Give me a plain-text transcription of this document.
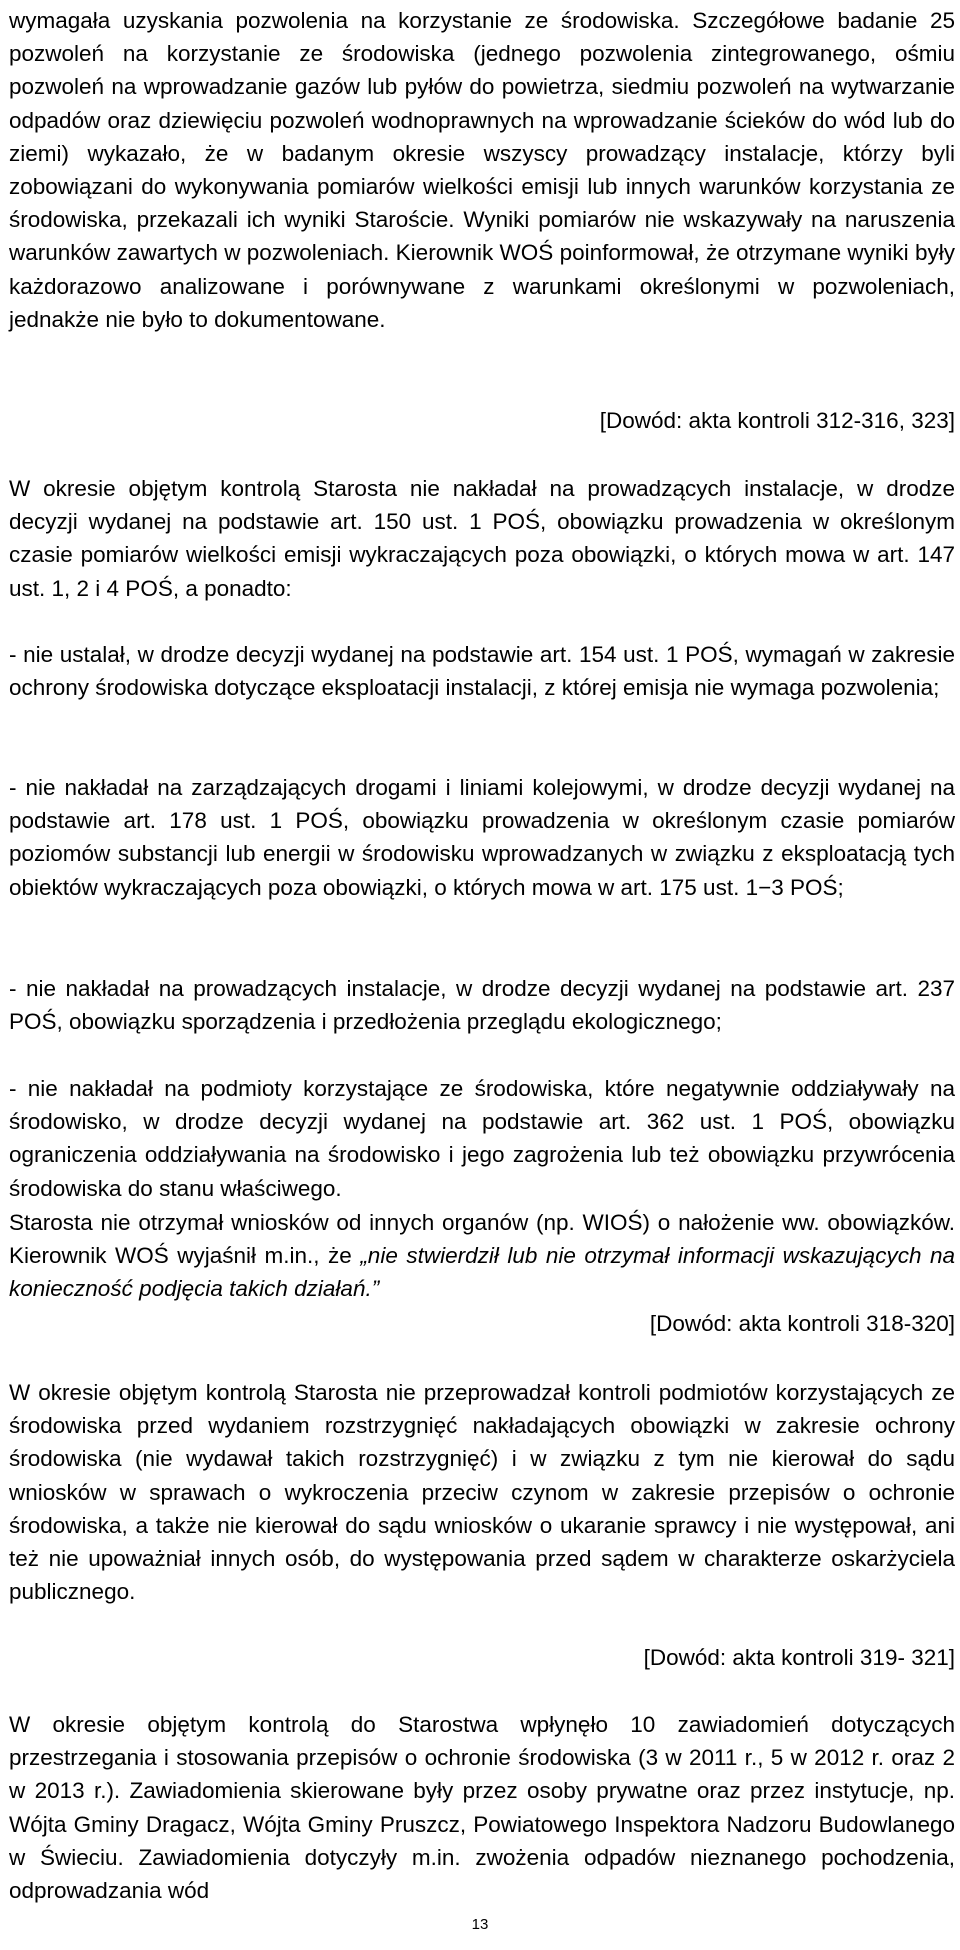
wymagała uzyskania pozwolenia na korzystanie ze środowiska. Szczegółowe badanie 25 pozwoleń na korzystanie ze środowiska (jednego pozwolenia zintegrowanego, ośmiu pozwoleń na wprowadzanie gazów lub pyłów do powietrza, siedmiu pozwoleń na wytwarzanie odpadów oraz dziewięciu pozwoleń wodnoprawnych na wprowadzanie ścieków do wód lub do ziemi) wykazało, że w badanym okresie wszyscy prowadzący instalacje, którzy byli zobowiązani do wykonywania pomiarów wielkości emisji lub innych warunków korzystania ze środowiska, przekazali ich wyniki Staroście. Wyniki pomiarów nie wskazywały na naruszenia warunków zawartych w pozwoleniach. Kierownik WOŚ poinformował, że otrzymane wyniki były każdorazowo analizowane i porównywane z warunkami określonymi w pozwoleniach, jednakże nie było to dokumentowane.

[Dowód: akta kontroli 312-316, 323]

W okresie objętym kontrolą Starosta nie nakładał na prowadzących instalacje, w drodze decyzji wydanej na podstawie art. 150 ust. 1 POŚ, obowiązku prowadzenia w określonym czasie pomiarów wielkości emisji wykraczających poza obowiązki, o których mowa w art. 147 ust. 1, 2 i 4 POŚ, a ponadto:

- nie ustalał, w drodze decyzji wydanej na podstawie art. 154 ust. 1 POŚ, wymagań w zakresie ochrony środowiska dotyczące eksploatacji instalacji, z której emisja nie wymaga pozwolenia;

- nie nakładał na zarządzających drogami i liniami kolejowymi, w drodze decyzji wydanej na podstawie art. 178 ust. 1 POŚ, obowiązku prowadzenia w określonym czasie pomiarów poziomów substancji lub energii w środowisku wprowadzanych w związku z eksploatacją tych obiektów wykraczających poza obowiązki, o których mowa w art. 175 ust. 1−3 POŚ;

- nie nakładał na prowadzących instalacje, w drodze decyzji wydanej na podstawie art. 237 POŚ, obowiązku sporządzenia i przedłożenia przeglądu ekologicznego;

- nie nakładał na podmioty korzystające ze środowiska, które negatywnie oddziaływały na środowisko, w drodze decyzji wydanej na podstawie art. 362 ust. 1 POŚ, obowiązku ograniczenia oddziaływania na środowisko i jego zagrożenia lub też obowiązku przywrócenia środowiska do stanu właściwego.

Starosta nie otrzymał wniosków od innych organów (np. WIOŚ) o nałożenie ww. obowiązków. Kierownik WOŚ wyjaśnił m.in., że „nie stwierdził lub nie otrzymał informacji wskazujących na konieczność podjęcia takich działań.”

[Dowód: akta kontroli 318-320]

W okresie objętym kontrolą Starosta nie przeprowadzał kontroli podmiotów korzystających ze środowiska przed wydaniem rozstrzygnięć nakładających obowiązki w zakresie ochrony środowiska (nie wydawał takich rozstrzygnięć) i w związku z tym nie kierował do sądu wniosków w sprawach o wykroczenia przeciw czynom w zakresie przepisów o ochronie środowiska, a także nie kierował do sądu wniosków o ukaranie sprawcy i nie występował, ani też nie upoważniał innych osób, do występowania przed sądem w charakterze oskarżyciela publicznego.

[Dowód: akta kontroli 319- 321]

W okresie objętym kontrolą do Starostwa wpłynęło 10 zawiadomień dotyczących przestrzegania i stosowania przepisów o ochronie środowiska (3 w 2011 r., 5 w 2012 r. oraz 2 w 2013 r.). Zawiadomienia skierowane były przez osoby prywatne oraz przez instytucje, np. Wójta Gminy Dragacz, Wójta Gminy Pruszcz, Powiatowego Inspektora Nadzoru Budowlanego w Świeciu. Zawiadomienia dotyczyły m.in. zwożenia odpadów nieznanego pochodzenia, odprowadzania wód

13
